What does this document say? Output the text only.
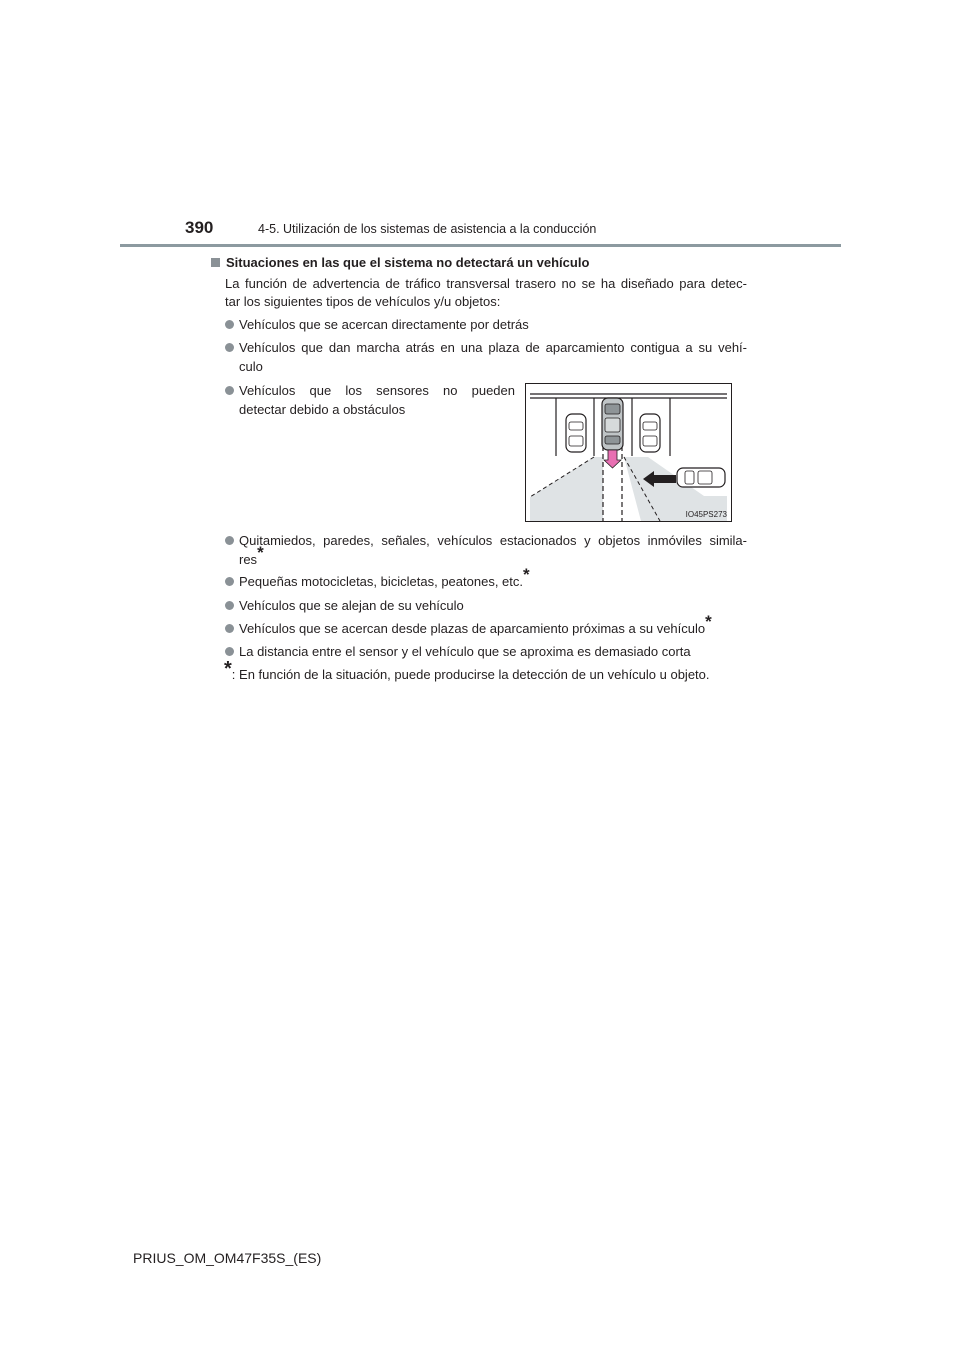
390	4-5. Utilización de los sistemas de asistencia a la conducción
Situaciones en las que el sistema no detectará un vehículo
La función de advertencia de tráfico transversal trasero no se ha diseñado para detec-
tar los siguientes tipos de vehículos y/u objetos:
Vehículos que se acercan directamente por detrás
Vehículos que dan marcha atrás en una plaza de aparcamiento contigua a su vehí-
culo
Vehículos que los sensores no pueden
detectar debido a obstáculos
IO45PS273
Quitamiedos, paredes, señales, vehículos estacionados y objetos inmóviles simila-
res*
Pequeñas motocicletas, bicicletas, peatones, etc.*
Vehículos que se alejan de su vehículo
Vehículos que se acercan desde plazas de aparcamiento próximas a su vehículo*
La distancia entre el sensor y el vehículo que se aproxima es demasiado corta
*: En función de la situación, puede producirse la detección de un vehículo u objeto.
PRIUS_OM_OM47F35S_(ES)
